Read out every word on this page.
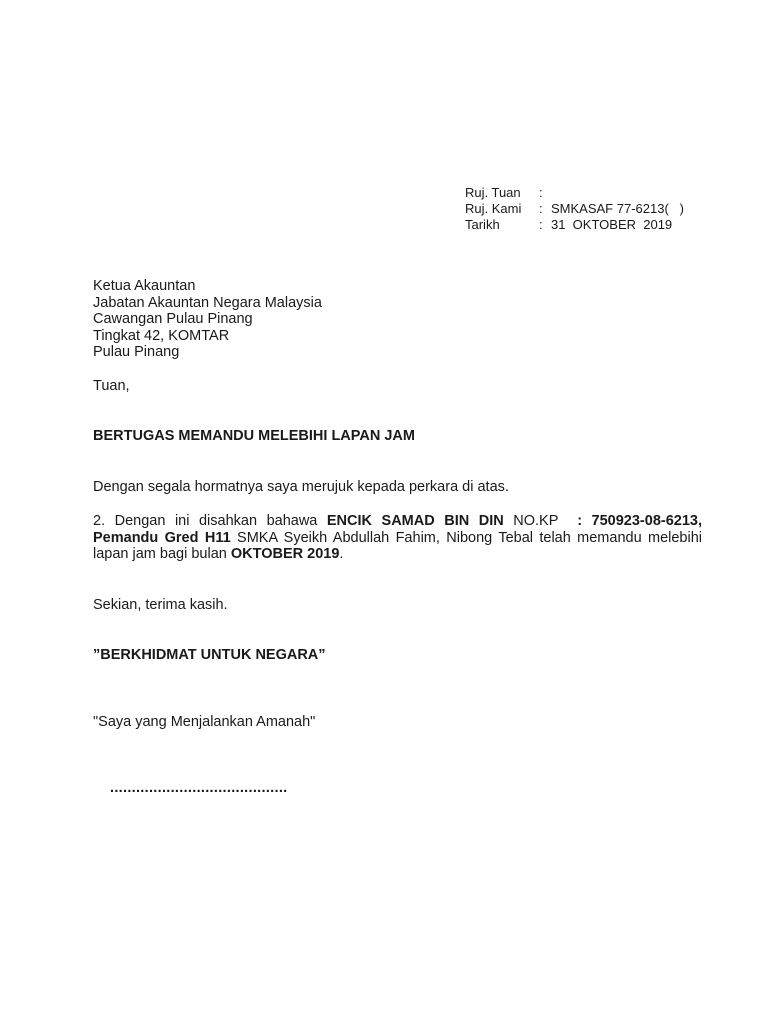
Ruj. Tuan	:
Ruj. Kami	: SMKASAF 77-6213(   )
Tarikh	: 31  OKTOBER  2019
Ketua Akauntan
Jabatan Akauntan Negara Malaysia
Cawangan Pulau Pinang
Tingkat 42, KOMTAR
Pulau Pinang
Tuan,
BERTUGAS MEMANDU MELEBIHI LAPAN JAM
Dengan segala hormatnya saya merujuk kepada perkara di atas.
2. Dengan ini disahkan bahawa ENCIK SAMAD BIN DIN NO.KP  : 750923-08-6213, Pemandu Gred H11 SMKA Syeikh Abdullah Fahim, Nibong Tebal telah memandu melebihi lapan jam bagi bulan OKTOBER 2019.
Sekian, terima kasih.
”BERKHIDMAT UNTUK NEGARA”
"Saya yang Menjalankan Amanah"
.........................................
